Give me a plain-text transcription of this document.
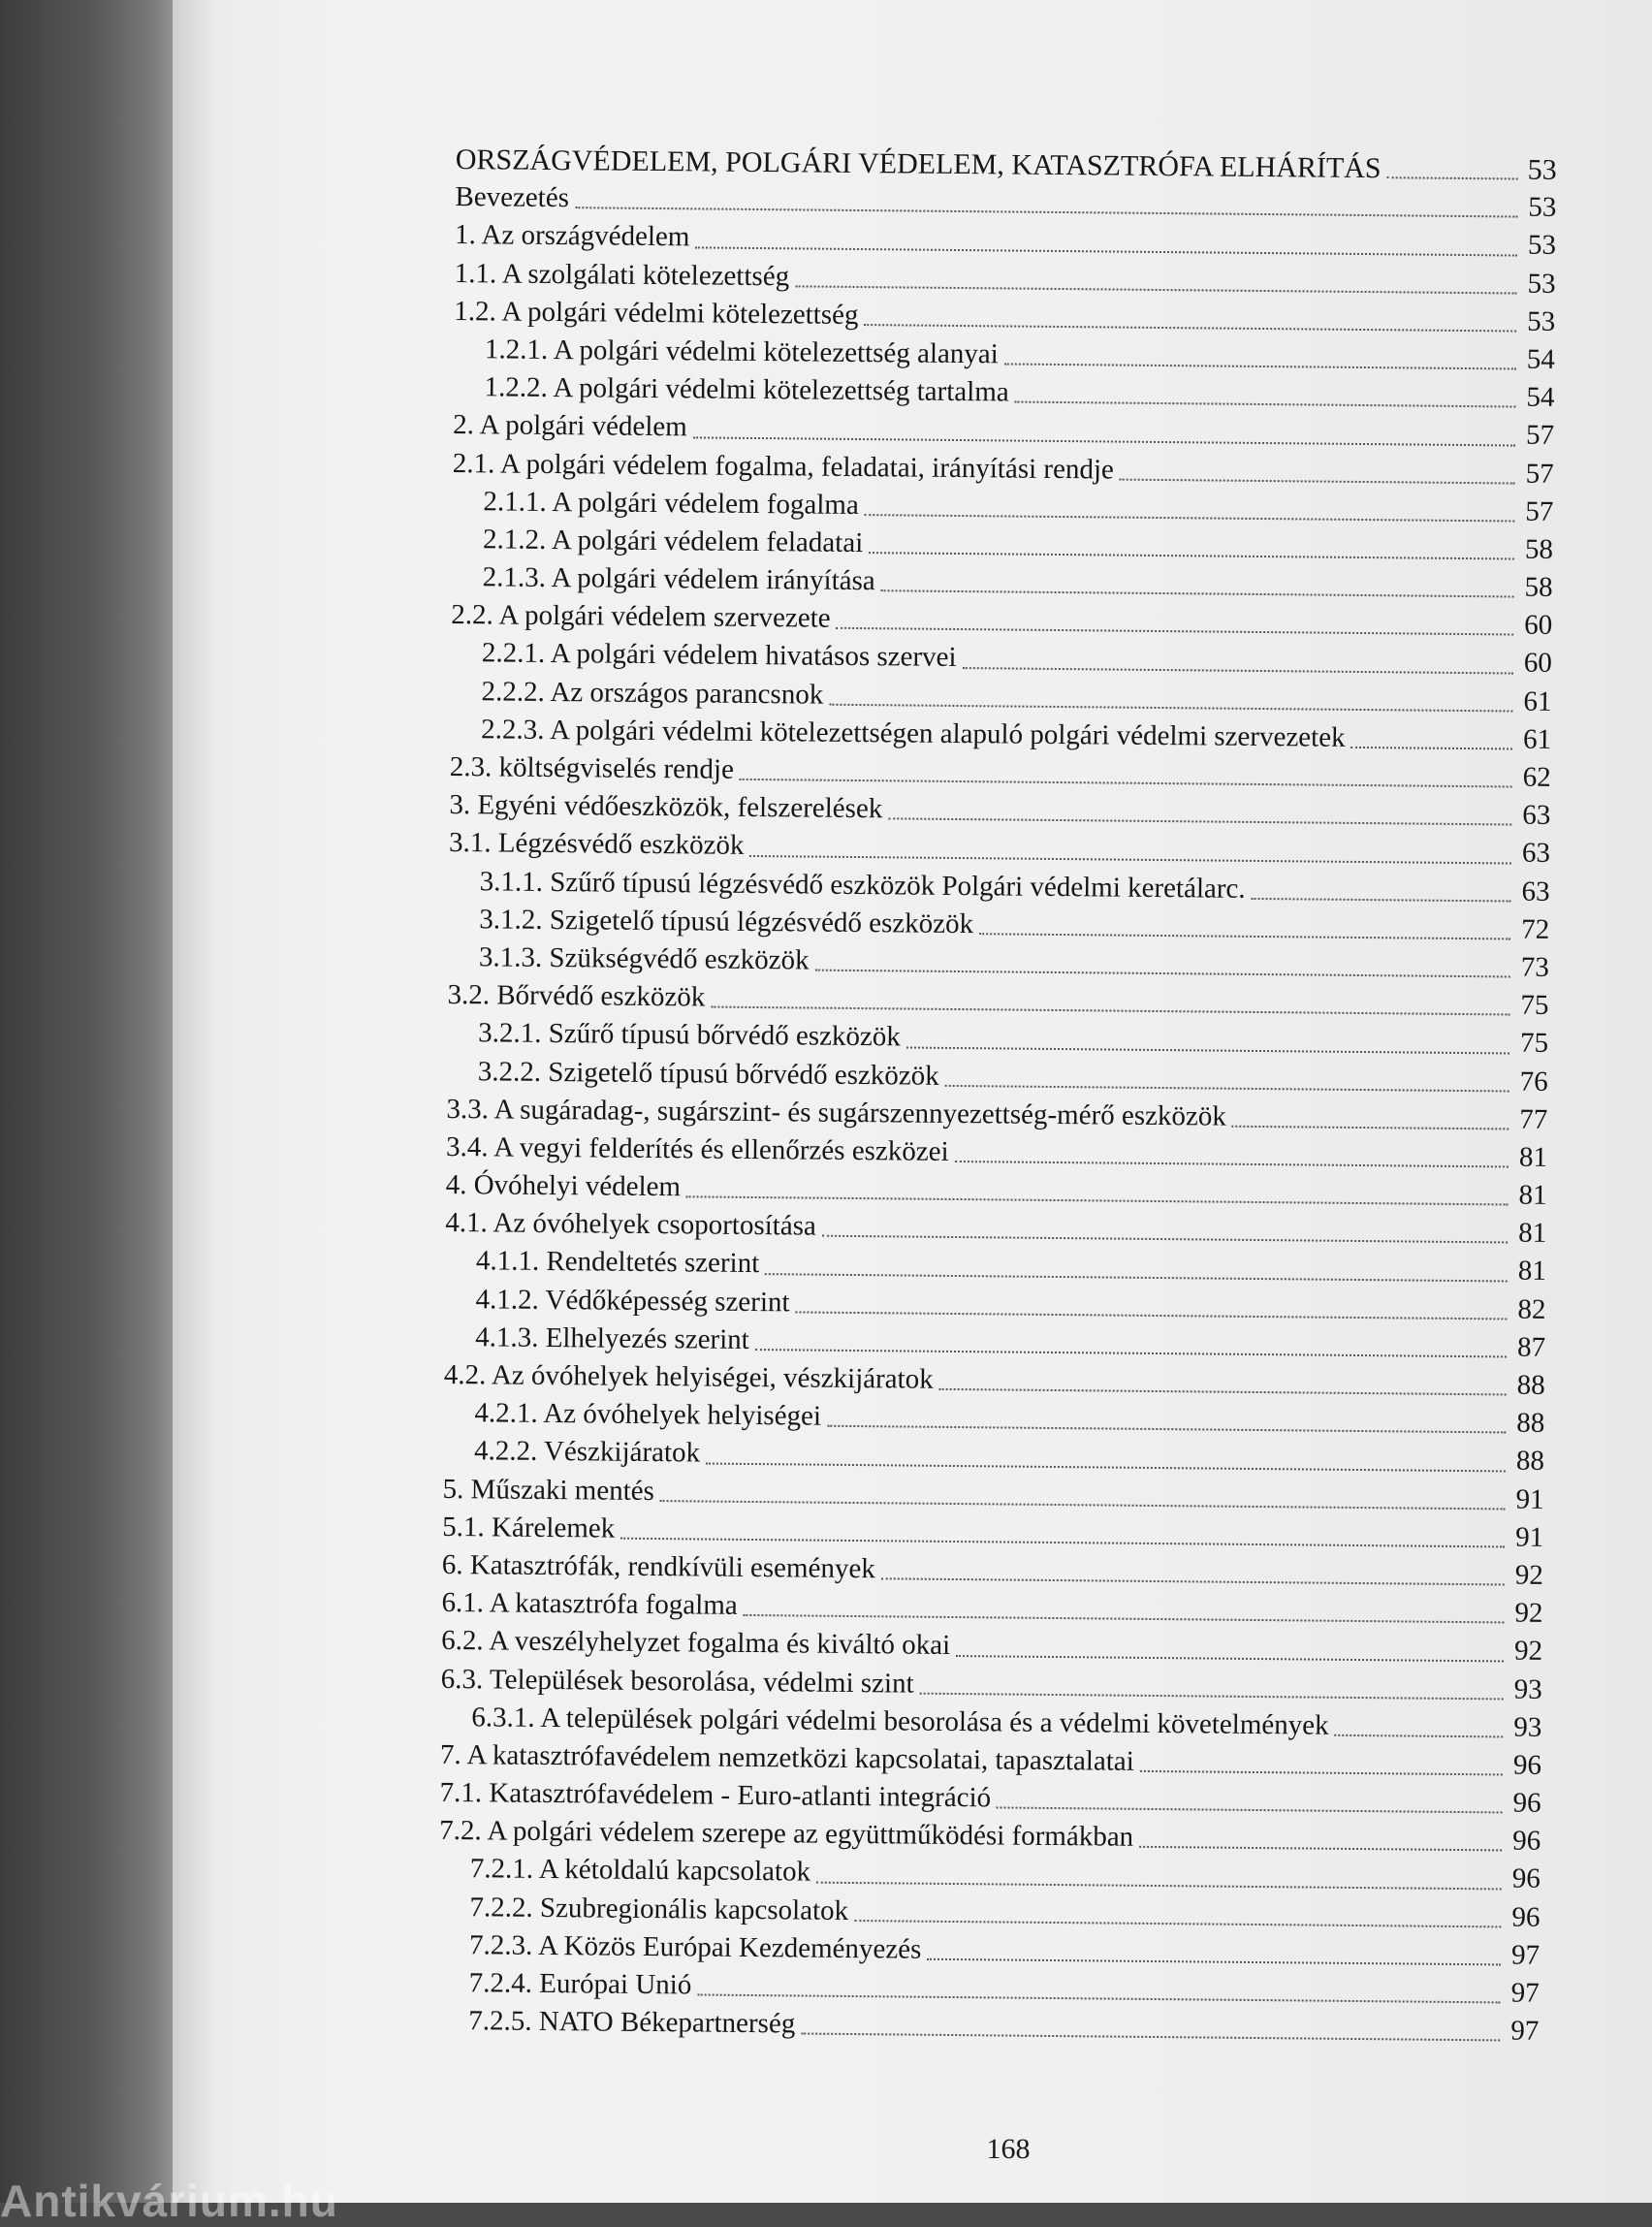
ORSZÁGVÉDELEM, POLGÁRI VÉDELEM, KATASZTRÓFA ELHÁRÍTÁS	53
Bevezetés	53
1. Az országvédelem	53
1.1. A szolgálati kötelezettség	53
1.2. A polgári védelmi kötelezettség	53
1.2.1. A polgári védelmi kötelezettség alanyai	54
1.2.2. A polgári védelmi kötelezettség tartalma	54
2. A polgári védelem	57
2.1. A polgári védelem fogalma, feladatai, irányítási rendje	57
2.1.1. A polgári védelem fogalma	57
2.1.2. A polgári védelem feladatai	58
2.1.3. A polgári védelem irányítása	58
2.2. A polgári védelem szervezete	60
2.2.1. A polgári védelem hivatásos szervei	60
2.2.2. Az országos parancsnok	61
2.2.3. A polgári védelmi kötelezettségen alapuló polgári védelmi szervezetek	61
2.3. költségviselés rendje	62
3. Egyéni védőeszközök, felszerelések	63
3.1. Légzésvédő eszközök	63
3.1.1. Szűrő típusú légzésvédő eszközök Polgári védelmi keretálarc.	63
3.1.2. Szigetelő típusú légzésvédő eszközök	72
3.1.3. Szükségvédő eszközök	73
3.2. Bőrvédő eszközök	75
3.2.1. Szűrő típusú bőrvédő eszközök	75
3.2.2. Szigetelő típusú bőrvédő eszközök	76
3.3. A sugáradag-, sugárszint- és sugárszennyezettség-mérő eszközök	77
3.4. A vegyi felderítés és ellenőrzés eszközei	81
4. Óvóhelyi védelem	81
4.1. Az óvóhelyek csoportosítása	81
4.1.1. Rendeltetés szerint	81
4.1.2. Védőképesség szerint	82
4.1.3. Elhelyezés szerint	87
4.2. Az óvóhelyek helyiségei, vészkijáratok	88
4.2.1. Az óvóhelyek helyiségei	88
4.2.2. Vészkijáratok	88
5. Műszaki mentés	91
5.1. Kárelemek	91
6. Katasztrófák, rendkívüli események	92
6.1. A katasztrófa fogalma	92
6.2. A veszélyhelyzet fogalma és kiváltó okai	92
6.3. Települések besorolása, védelmi szint	93
6.3.1. A települések polgári védelmi besorolása és a védelmi követelmények	93
7. A katasztrófavédelem nemzetközi kapcsolatai, tapasztalatai	96
7.1. Katasztrófavédelem - Euro-atlanti integráció	96
7.2. A polgári védelem szerepe az együttműködési formákban	96
7.2.1. A kétoldalú kapcsolatok	96
7.2.2. Szubregionális kapcsolatok	96
7.2.3. A Közös Európai Kezdeményezés	97
7.2.4. Európai Unió	97
7.2.5. NATO Békepartnerség	97
168
Antikvárium.hu
